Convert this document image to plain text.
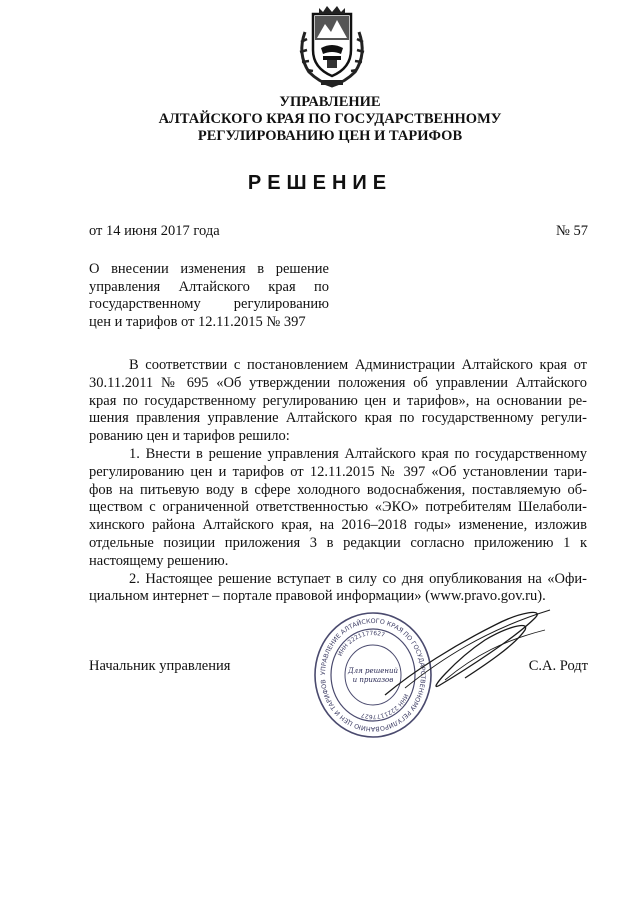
УПРАВЛЕНИЕ
АЛТАЙСКОГО КРАЯ ПО ГОСУДАРСТВЕННОМУ
РЕГУЛИРОВАНИЮ ЦЕН И ТАРИФОВ
РЕШЕНИЕ
от 14 июня 2017 года	№ 57
О внесении изменения в решение
управления Алтайского края по
государственному регулированию
цен и тарифов от 12.11.2015 № 397

В соответствии с постановлением Администрации Алтайского края от
30.11.2011 № 695 «Об утверждении положения об управлении Алтайского
края по государственному регулированию цен и тарифов», на основании ре-
шения правления управление Алтайского края по государственному регули-
рованию цен и тарифов решило:

1. Внести в решение управления Алтайского края по государственному
регулированию цен и тарифов от 12.11.2015 № 397 «Об установлении тари-
фов на питьевую воду в сфере холодного водоснабжения, поставляемую об-
ществом с ограниченной ответственностью «ЭКО» потребителям Шелаболи-
хинского района Алтайского края, на 2016–2018 годы» изменение, изложив
отдельные позиции приложения 3 в редакции согласно приложению 1 к
настоящему решению.

2. Настоящее решение вступает в силу со дня опубликования на «Офи-
циальном интернет – портале правовой информации» (www.pravo.gov.ru).

Начальник управления	С.А. Родт
УПРАВЛЕНИЕ АЛТАЙСКОГО КРАЯ ПО ГОСУДАРСТВЕННОМУ РЕГУЛИРОВАНИЮ ЦЕН И ТАРИФОВ
ИНН 2221177627
ИНН 2221177627
Для решений
и приказов
